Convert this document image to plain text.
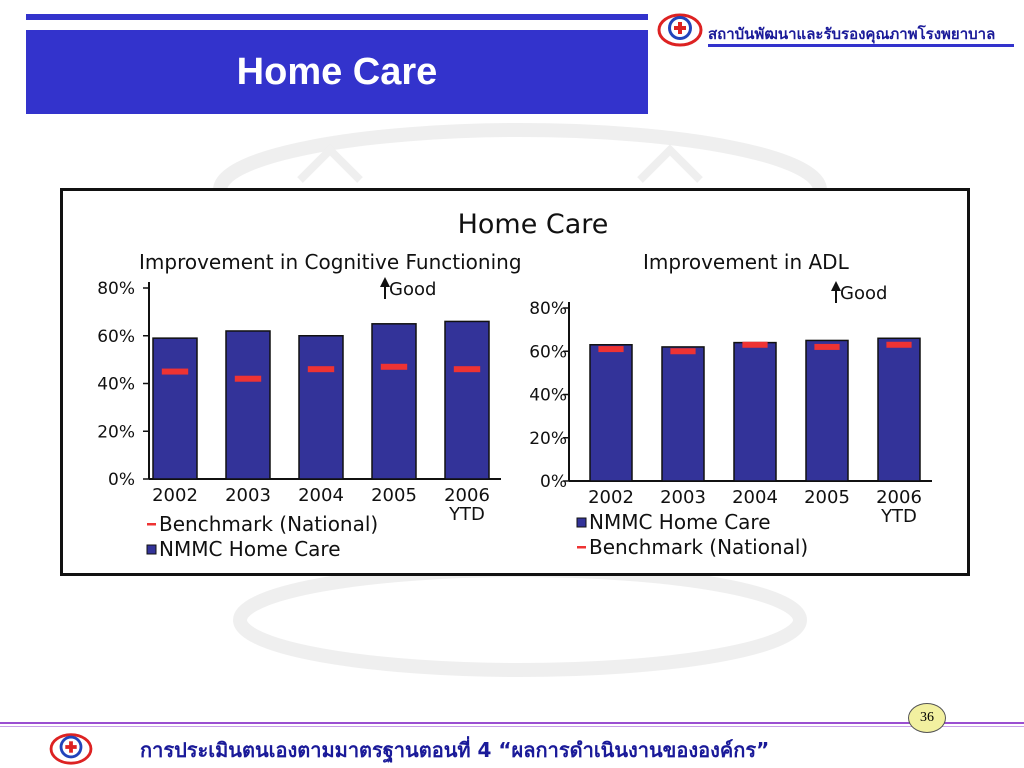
Home Care
สถาบันพัฒนาและรับรองคุณภาพโรงพยาบาล
Home Care
Improvement in Cognitive Functioning
Good
80%
60%
40%
20%
0%
2002 2003 2004 2005 2006 YTD
Benchmark (National)
NMMC Home Care
Improvement in ADL
Good
80%
60%
40%
20%
0%
2002 2003 2004 2005 2006 YTD
NMMC Home Care
Benchmark (National)
36
การประเมินตนเองตามมาตรฐานตอนที่ 4 “ผลการดำเนินงานขององค์กร”
